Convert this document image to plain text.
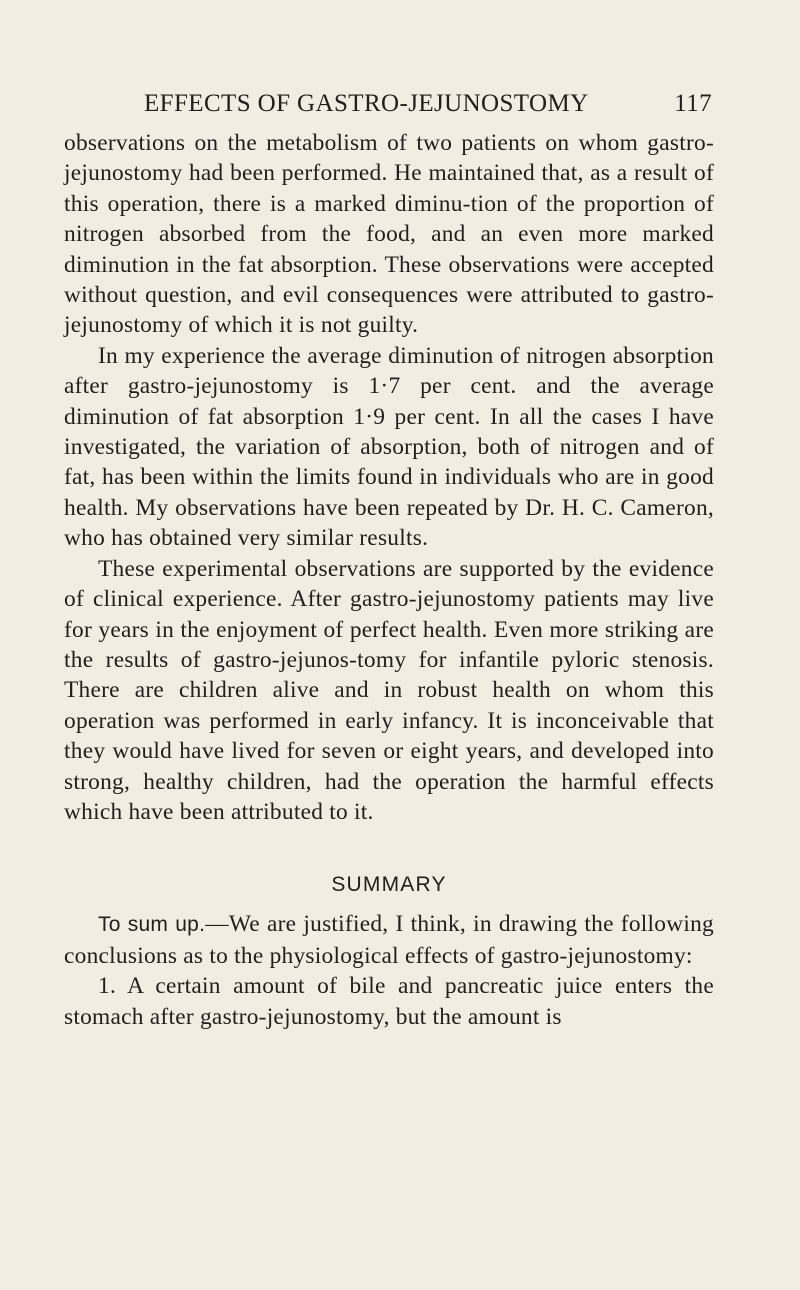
EFFECTS OF GASTRO-JEJUNOSTOMY	117

observations on the metabolism of two patients on whom gastro-jejunostomy had been performed. He maintained that, as a result of this operation, there is a marked diminu-tion of the proportion of nitrogen absorbed from the food, and an even more marked diminution in the fat absorption. These observations were accepted without question, and evil consequences were attributed to gastro-jejunostomy of which it is not guilty.

In my experience the average diminution of nitrogen absorption after gastro-jejunostomy is 1·7 per cent. and the average diminution of fat absorption 1·9 per cent. In all the cases I have investigated, the variation of absorption, both of nitrogen and of fat, has been within the limits found in individuals who are in good health. My observations have been repeated by Dr. H. C. Cameron, who has obtained very similar results.

These experimental observations are supported by the evidence of clinical experience. After gastro-jejunostomy patients may live for years in the enjoyment of perfect health. Even more striking are the results of gastro-jejunos-tomy for infantile pyloric stenosis. There are children alive and in robust health on whom this operation was performed in early infancy. It is inconceivable that they would have lived for seven or eight years, and developed into strong, healthy children, had the operation the harmful effects which have been attributed to it.

SUMMARY

To sum up.—We are justified, I think, in drawing the following conclusions as to the physiological effects of gastro-jejunostomy:

1. A certain amount of bile and pancreatic juice enters the stomach after gastro-jejunostomy, but the amount is
